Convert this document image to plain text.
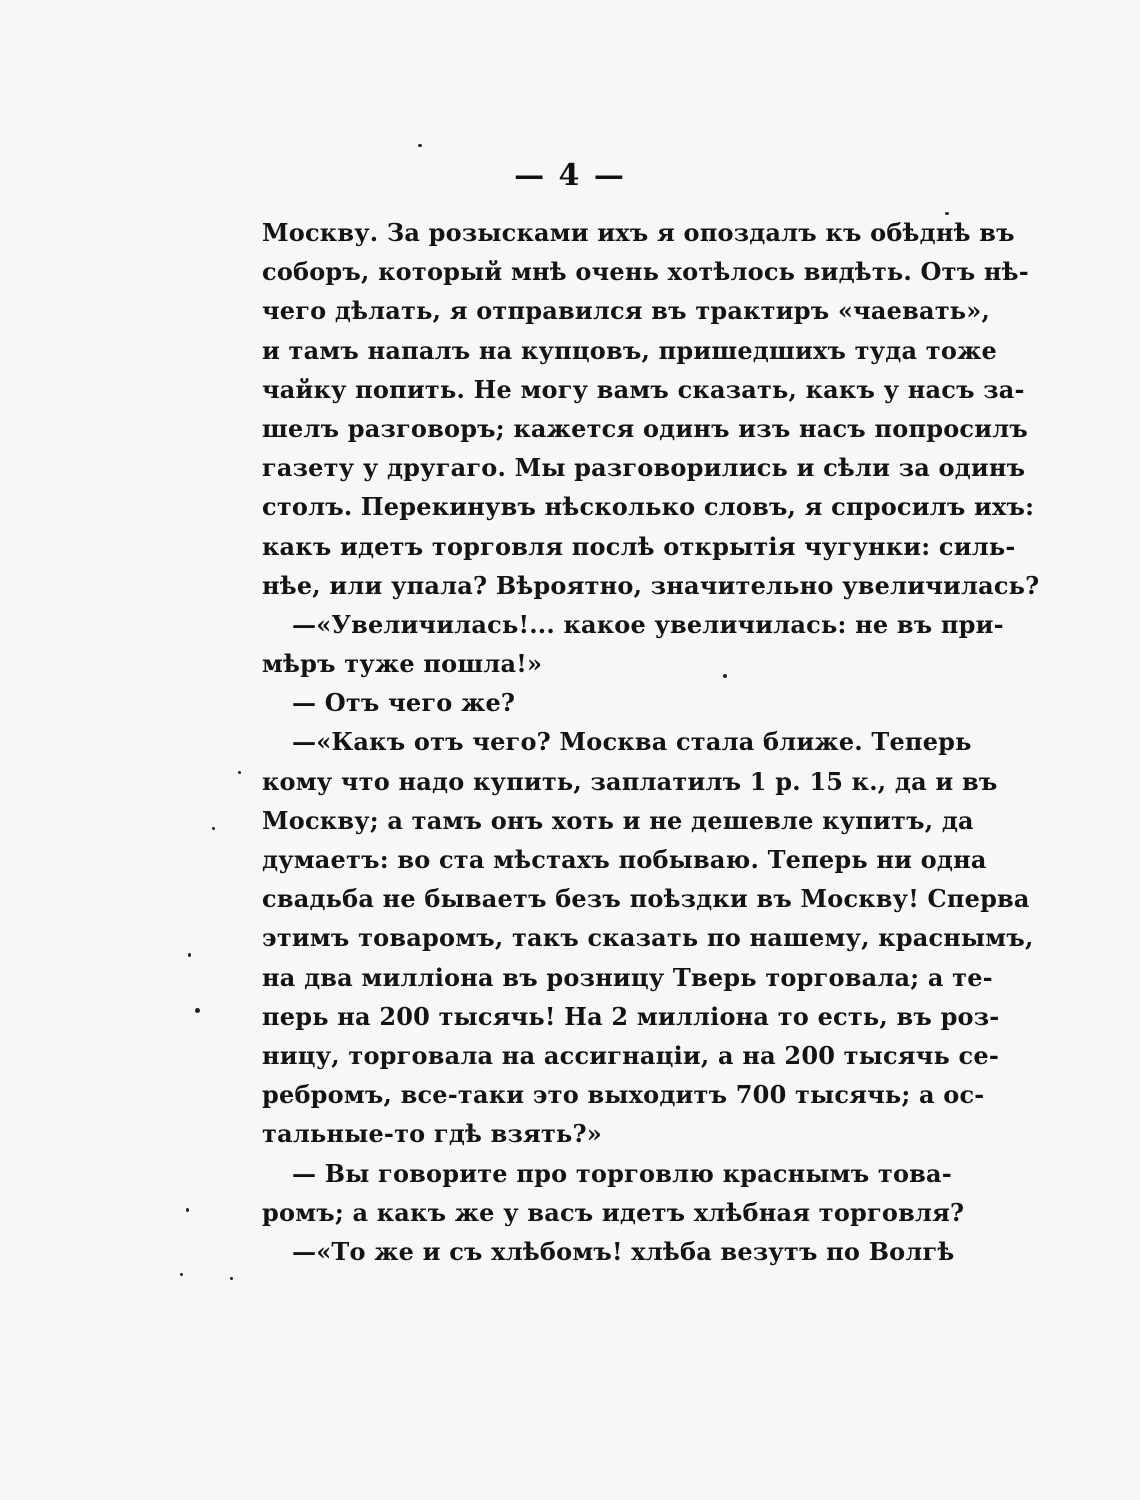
— 4 —
Москву. За розысками ихъ я опоздалъ къ обѣднѣ въ
соборъ, который мнѣ очень хотѣлось видѣть. Отъ нѣ-
чего дѣлать, я отправился въ трактиръ «чаевать»,
и тамъ напалъ на купцовъ, пришедшихъ туда тоже
чайку попить. Не могу вамъ сказать, какъ у насъ за-
шелъ разговоръ; кажется одинъ изъ насъ попросилъ
газету у другаго. Мы разговорились и сѣли за одинъ
столъ. Перекинувъ нѣсколько словъ, я спросилъ ихъ:
какъ идетъ торговля послѣ открытія чугунки: силь-
нѣе, или упала? Вѣроятно, значительно увеличилась?
—«Увеличилась!... какое увеличилась: не въ при-
мѣръ туже пошла!»
— Отъ чего же?
—«Какъ отъ чего? Москва стала ближе. Теперь
кому что надо купить, заплатилъ 1 р. 15 к., да и въ
Москву; а тамъ онъ хоть и не дешевле купитъ, да
думаетъ: во ста мѣстахъ побываю. Теперь ни одна
свадьба не бываетъ безъ поѣздки въ Москву! Сперва
этимъ товаромъ, такъ сказать по нашему, краснымъ,
на два милліона въ розницу Тверь торговала; а те-
перь на 200 тысячь! На 2 милліона то есть, въ роз-
ницу, торговала на ассигнаціи, а на 200 тысячь се-
ребромъ, все-таки это выходитъ 700 тысячь; а ос-
тальные-то гдѣ взять?»
— Вы говорите про торговлю краснымъ това-
ромъ; а какъ же у васъ идетъ хлѣбная торговля?
—«То же и съ хлѣбомъ! хлѣба везутъ по Волгѣ
